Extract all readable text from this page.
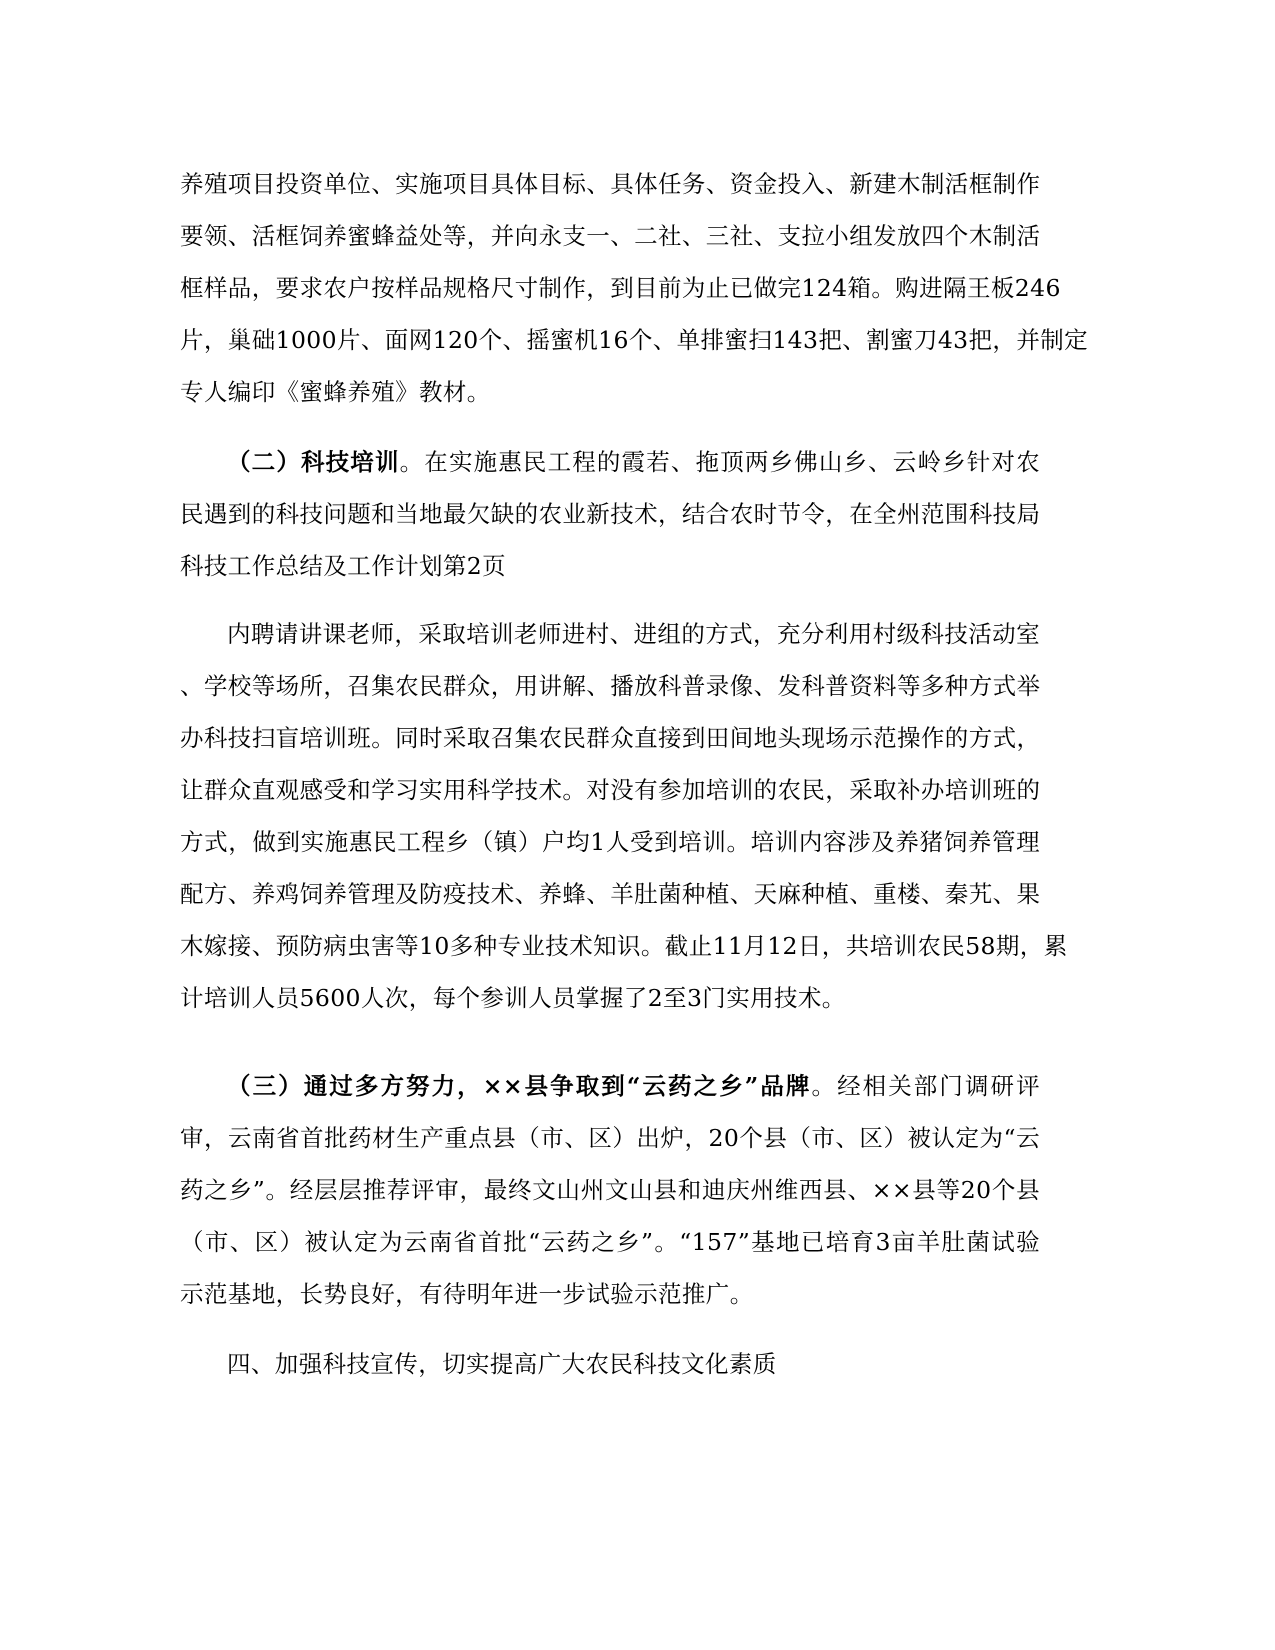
养殖项目投资单位、实施项目具体目标、具体任务、资金投入、新建木制活框制作
要领、活框饲养蜜蜂益处等，并向永支一、二社、三社、支拉小组发放四个木制活
框样品，要求农户按样品规格尺寸制作，到目前为止已做完124箱。购进隔王板246
片，巢础1000片、面网120个、摇蜜机16个、单排蜜扫143把、割蜜刀43把，并制定
专人编印《蜜蜂养殖》教材。
（二）科技培训。在实施惠民工程的霞若、拖顶两乡佛山乡、云岭乡针对农
民遇到的科技问题和当地最欠缺的农业新技术，结合农时节令，在全州范围科技局
科技工作总结及工作计划第2页
内聘请讲课老师，采取培训老师进村、进组的方式，充分利用村级科技活动室
、学校等场所，召集农民群众，用讲解、播放科普录像、发科普资料等多种方式举
办科技扫盲培训班。同时采取召集农民群众直接到田间地头现场示范操作的方式，
让群众直观感受和学习实用科学技术。对没有参加培训的农民，采取补办培训班的
方式，做到实施惠民工程乡（镇）户均1人受到培训。培训内容涉及养猪饲养管理
配方、养鸡饲养管理及防疫技术、养蜂、羊肚菌种植、天麻种植、重楼、秦艽、果
木嫁接、预防病虫害等10多种专业技术知识。截止11月12日，共培训农民58期，累
计培训人员5600人次，每个参训人员掌握了2至3门实用技术。
（三）通过多方努力，××县争取到“云药之乡”品牌。经相关部门调研评
审，云南省首批药材生产重点县（市、区）出炉，20个县（市、区）被认定为“云
药之乡”。经层层推荐评审，最终文山州文山县和迪庆州维西县、××县等20个县
（市、区）被认定为云南省首批“云药之乡”。“157”基地已培育3亩羊肚菌试验
示范基地，长势良好，有待明年进一步试验示范推广。
四、加强科技宣传，切实提高广大农民科技文化素质
